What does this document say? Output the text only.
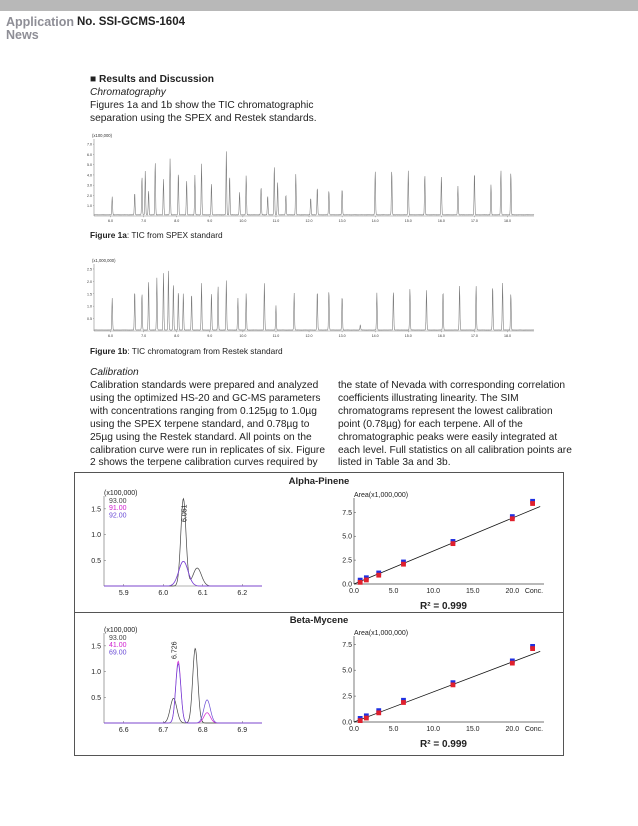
Application
News
No. SSI-GCMS-1604
■ Results and Discussion
Chromatography
Figures 1a and 1b show the TIC chromatographic
separation using the SPEX and Restek standards.
(x100,000)
7.0
6.0
5.0
4.0
3.0
2.0
1.0
6.0	7.0	8.0	9.0	10.0	11.0	12.0	13.0	14.0	15.0	16.0	17.0	18.0
Figure 1a: TIC from SPEX standard
(x1,000,000)
2.5
2.0
1.5
1.0
0.5
6.0	7.0	8.0	9.0	10.0	11.0	12.0	13.0	14.0	15.0	16.0	17.0	18.0
Figure 1b: TIC chromatogram from Restek standard
Calibration
Calibration standards were prepared and analyzed
using the optimized HS-20 and GC-MS parameters
with concentrations ranging from 0.125µg to 1.0µg
using the SPEX terpene standard, and 0.78µg to
25µg using the Restek standard. All points on the
calibration curve were run in replicates of six. Figure
2 shows the terpene calibration curves required by
the state of Nevada with corresponding correlation
coefficients illustrating linearity. The SIM
chromatograms represent the lowest calibration
point (0.78µg) for each terpene. All of the
chromatographic peaks were easily integrated at
each level. Full statistics on all calibration points are
listed in Table 3a and 3b.
Alpha-Pinene
Beta-Mycene
(x100,000)
93.00
91.00
92.00
1.5
1.0
0.5
5.9	6.0	6.1	6.2
6.051
Area(x1,000,000)
7.5
5.0
2.5
0.0
0.0	5.0	10.0	15.0	20.0 Conc.
R² = 0.999
(x100,000)
93.00
41.00
69.00
1.5
1.0
0.5
6.6	6.7	6.8	6.9
6.726
Area(x1,000,000)
7.5
5.0
2.5
0.0
0.0	5.0	10.0	15.0	20.0 Conc.
R² = 0.999
